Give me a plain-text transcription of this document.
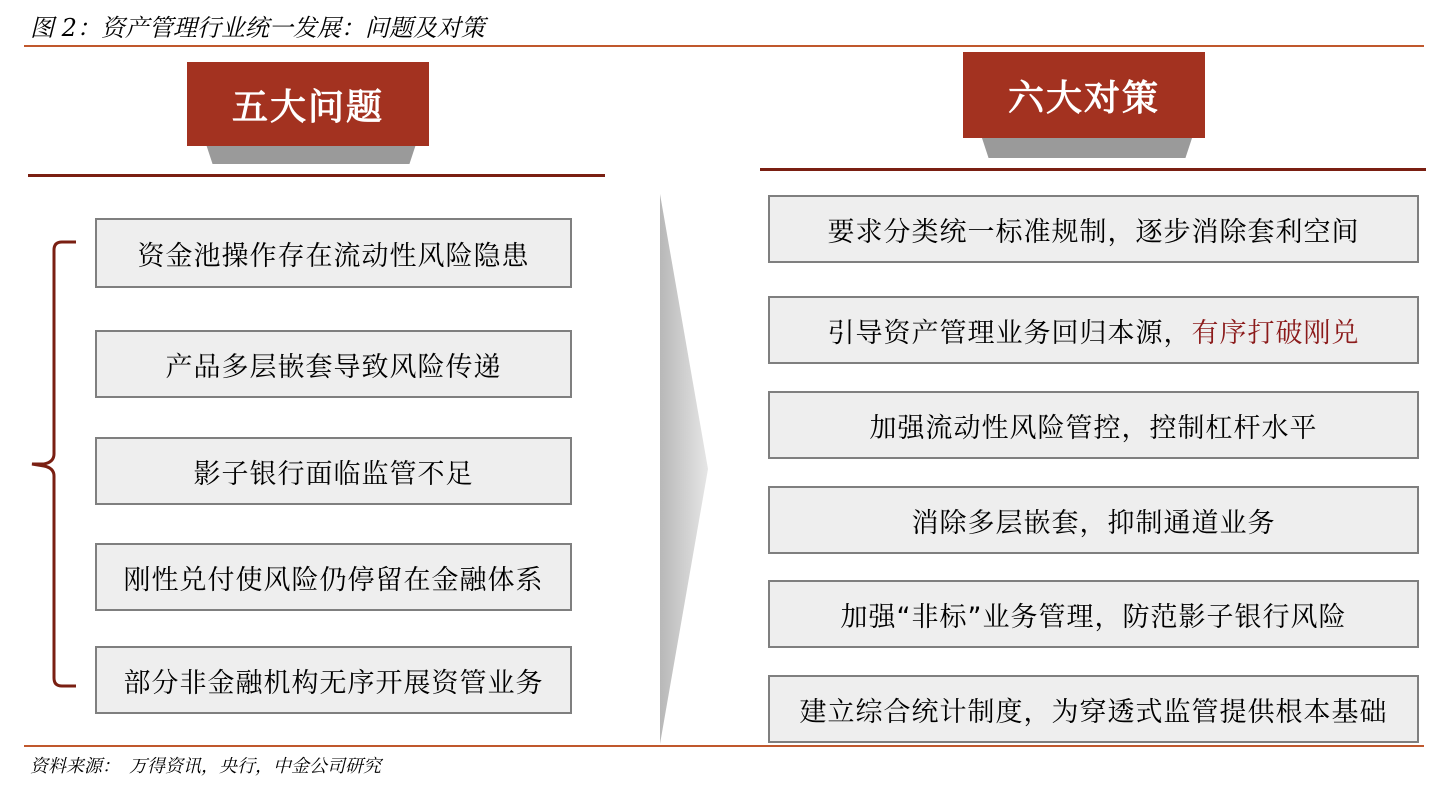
图 2：资产管理行业统一发展：问题及对策
五大问题	六大对策
资金池操作存在流动性风险隐患
产品多层嵌套导致风险传递
影子银行面临监管不足
刚性兑付使风险仍停留在金融体系
部分非金融机构无序开展资管业务
要求分类统一标准规制，逐步消除套利空间
引导资产管理业务回归本源， 有序打破刚兑
加强流动性风险管控，控制杠杆水平
消除多层嵌套，抑制通道业务
加强“非标”业务管理，防范影子银行风险
建立综合统计制度，为穿透式监管提供根本基础
资料来源：　万得资讯，央行，中金公司研究
